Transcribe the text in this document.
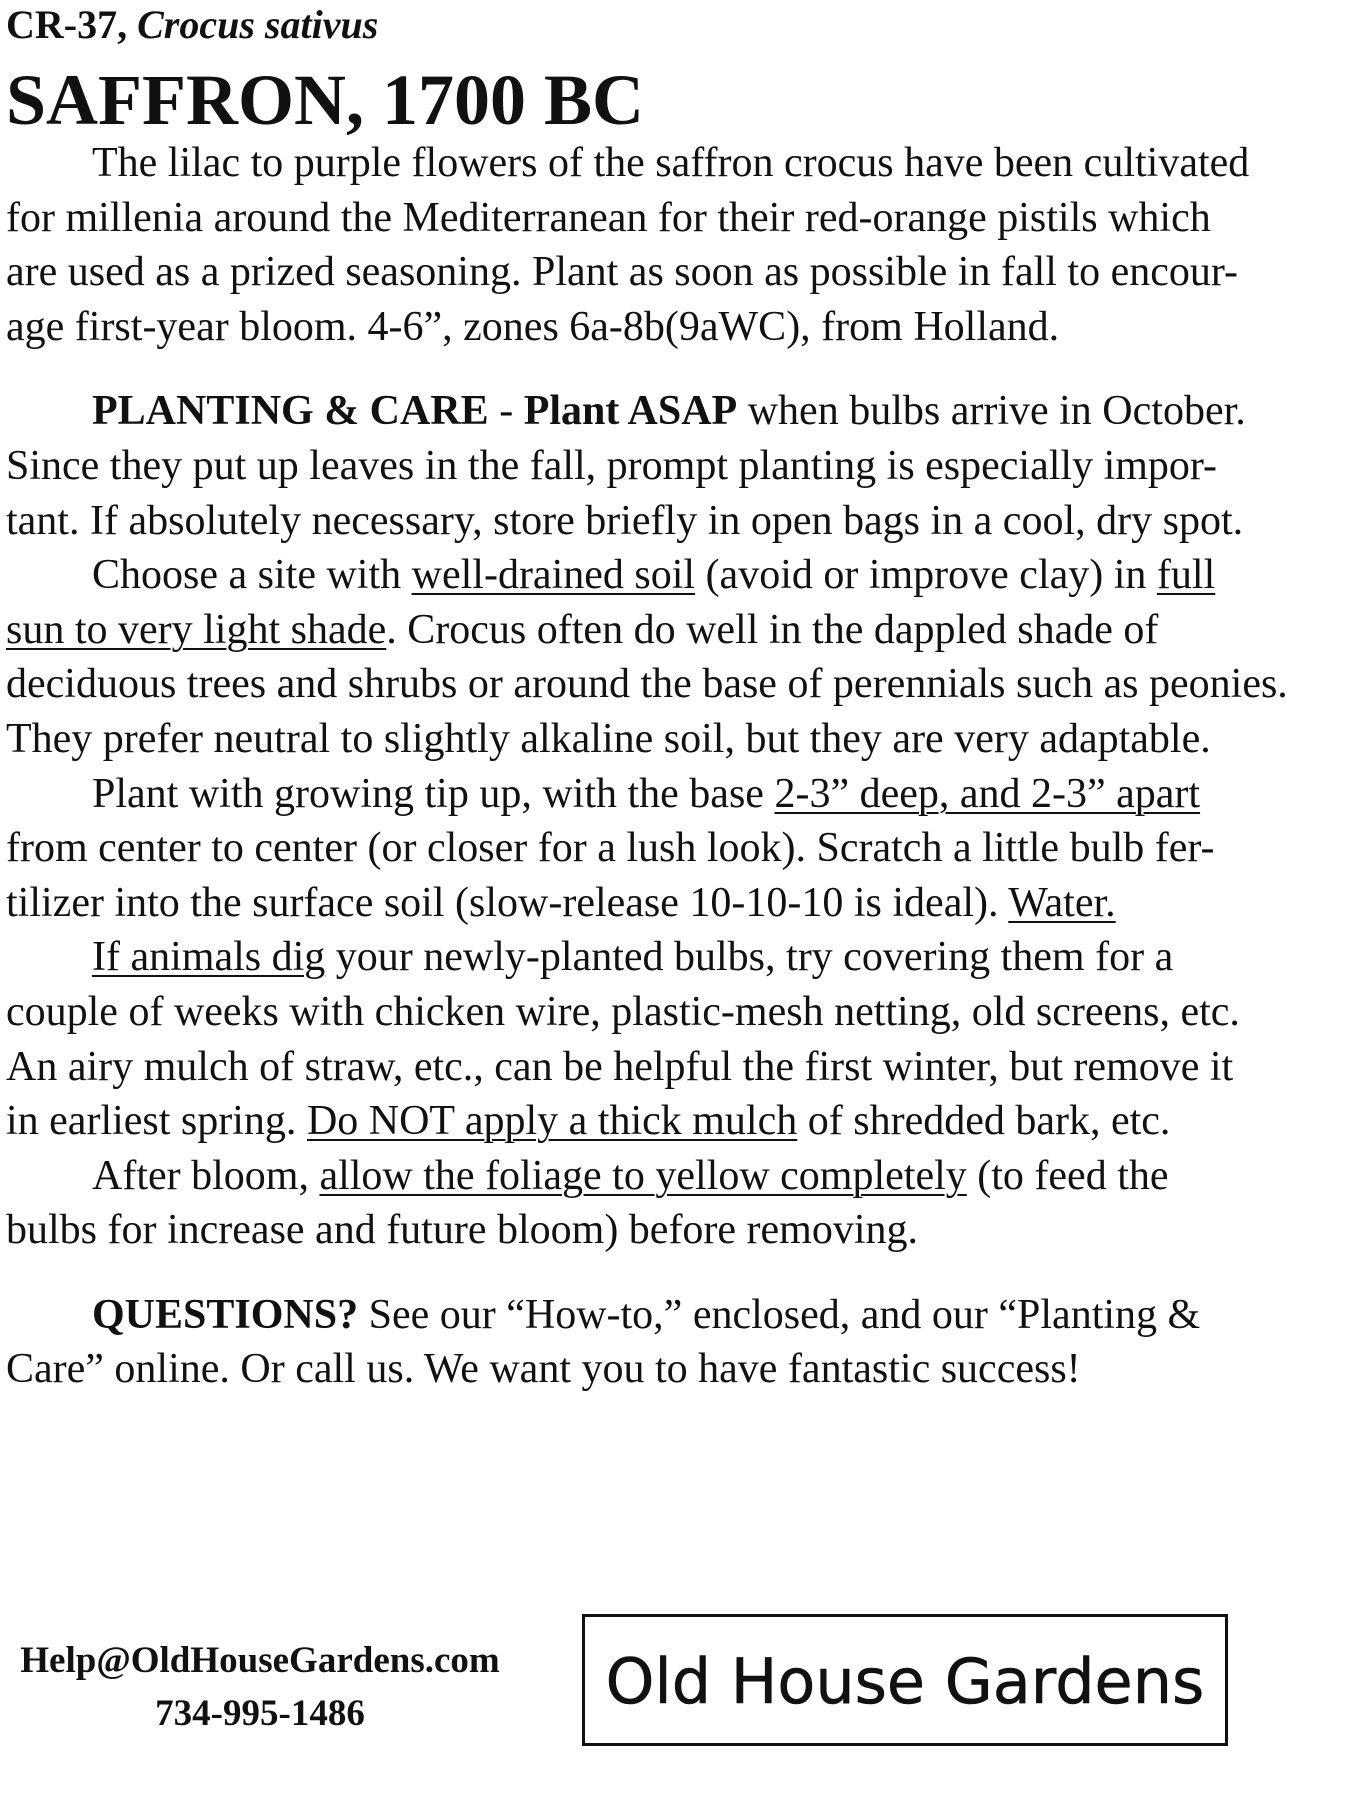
CR-37, Crocus sativus
SAFFRON, 1700 BC
The lilac to purple flowers of the saffron crocus have been cultivated
for millenia around the Mediterranean for their red-orange pistils which
are used as a prized seasoning. Plant as soon as possible in fall to encour-
age first-year bloom. 4-6”, zones 6a-8b(9aWC), from Holland.
PLANTING & CARE - Plant ASAP when bulbs arrive in October.
Since they put up leaves in the fall, prompt planting is especially impor-
tant. If absolutely necessary, store briefly in open bags in a cool, dry spot.
Choose a site with well-drained soil (avoid or improve clay) in full
sun to very light shade. Crocus often do well in the dappled shade of
deciduous trees and shrubs or around the base of perennials such as peonies.
They prefer neutral to slightly alkaline soil, but they are very adaptable.
Plant with growing tip up, with the base 2-3” deep, and 2-3” apart
from center to center (or closer for a lush look). Scratch a little bulb fer-
tilizer into the surface soil (slow-release 10-10-10 is ideal). Water.
If animals dig your newly-planted bulbs, try covering them for a
couple of weeks with chicken wire, plastic-mesh netting, old screens, etc.
An airy mulch of straw, etc., can be helpful the first winter, but remove it
in earliest spring. Do NOT apply a thick mulch of shredded bark, etc.
After bloom, allow the foliage to yellow completely (to feed the
bulbs for increase and future bloom) before removing.
QUESTIONS? See our “How-to,” enclosed, and our “Planting &
Care” online. Or call us. We want you to have fantastic success!
Help@OldHouseGardens.com
734-995-1486	Old House Gardens
